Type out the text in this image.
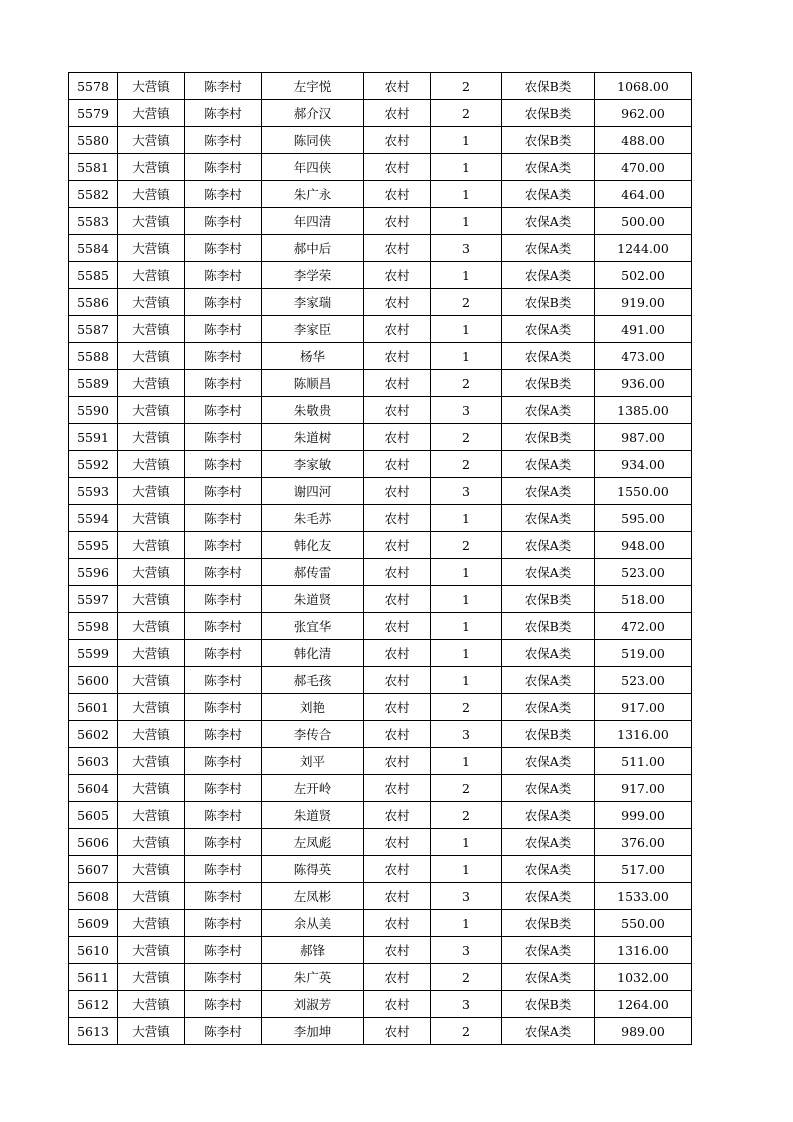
5578	大营镇	陈李村	左宇悦	农村	2	农保B类	1068.00
5579	大营镇	陈李村	郝介汉	农村	2	农保B类	962.00
5580	大营镇	陈李村	陈同侠	农村	1	农保B类	488.00
5581	大营镇	陈李村	年四侠	农村	1	农保A类	470.00
5582	大营镇	陈李村	朱广永	农村	1	农保A类	464.00
5583	大营镇	陈李村	年四清	农村	1	农保A类	500.00
5584	大营镇	陈李村	郝中后	农村	3	农保A类	1244.00
5585	大营镇	陈李村	李学荣	农村	1	农保A类	502.00
5586	大营镇	陈李村	李家瑞	农村	2	农保B类	919.00
5587	大营镇	陈李村	李家臣	农村	1	农保A类	491.00
5588	大营镇	陈李村	杨华	农村	1	农保A类	473.00
5589	大营镇	陈李村	陈顺昌	农村	2	农保B类	936.00
5590	大营镇	陈李村	朱敬贵	农村	3	农保A类	1385.00
5591	大营镇	陈李村	朱道树	农村	2	农保B类	987.00
5592	大营镇	陈李村	李家敏	农村	2	农保A类	934.00
5593	大营镇	陈李村	谢四河	农村	3	农保A类	1550.00
5594	大营镇	陈李村	朱毛苏	农村	1	农保A类	595.00
5595	大营镇	陈李村	韩化友	农村	2	农保A类	948.00
5596	大营镇	陈李村	郝传雷	农村	1	农保A类	523.00
5597	大营镇	陈李村	朱道贤	农村	1	农保B类	518.00
5598	大营镇	陈李村	张宜华	农村	1	农保B类	472.00
5599	大营镇	陈李村	韩化清	农村	1	农保A类	519.00
5600	大营镇	陈李村	郝毛孩	农村	1	农保A类	523.00
5601	大营镇	陈李村	刘艳	农村	2	农保A类	917.00
5602	大营镇	陈李村	李传合	农村	3	农保B类	1316.00
5603	大营镇	陈李村	刘平	农村	1	农保A类	511.00
5604	大营镇	陈李村	左开岭	农村	2	农保A类	917.00
5605	大营镇	陈李村	朱道贤	农村	2	农保A类	999.00
5606	大营镇	陈李村	左凤彪	农村	1	农保A类	376.00
5607	大营镇	陈李村	陈得英	农村	1	农保A类	517.00
5608	大营镇	陈李村	左凤彬	农村	3	农保A类	1533.00
5609	大营镇	陈李村	余从美	农村	1	农保B类	550.00
5610	大营镇	陈李村	郝锋	农村	3	农保A类	1316.00
5611	大营镇	陈李村	朱广英	农村	2	农保A类	1032.00
5612	大营镇	陈李村	刘淑芳	农村	3	农保B类	1264.00
5613	大营镇	陈李村	李加坤	农村	2	农保A类	989.00
